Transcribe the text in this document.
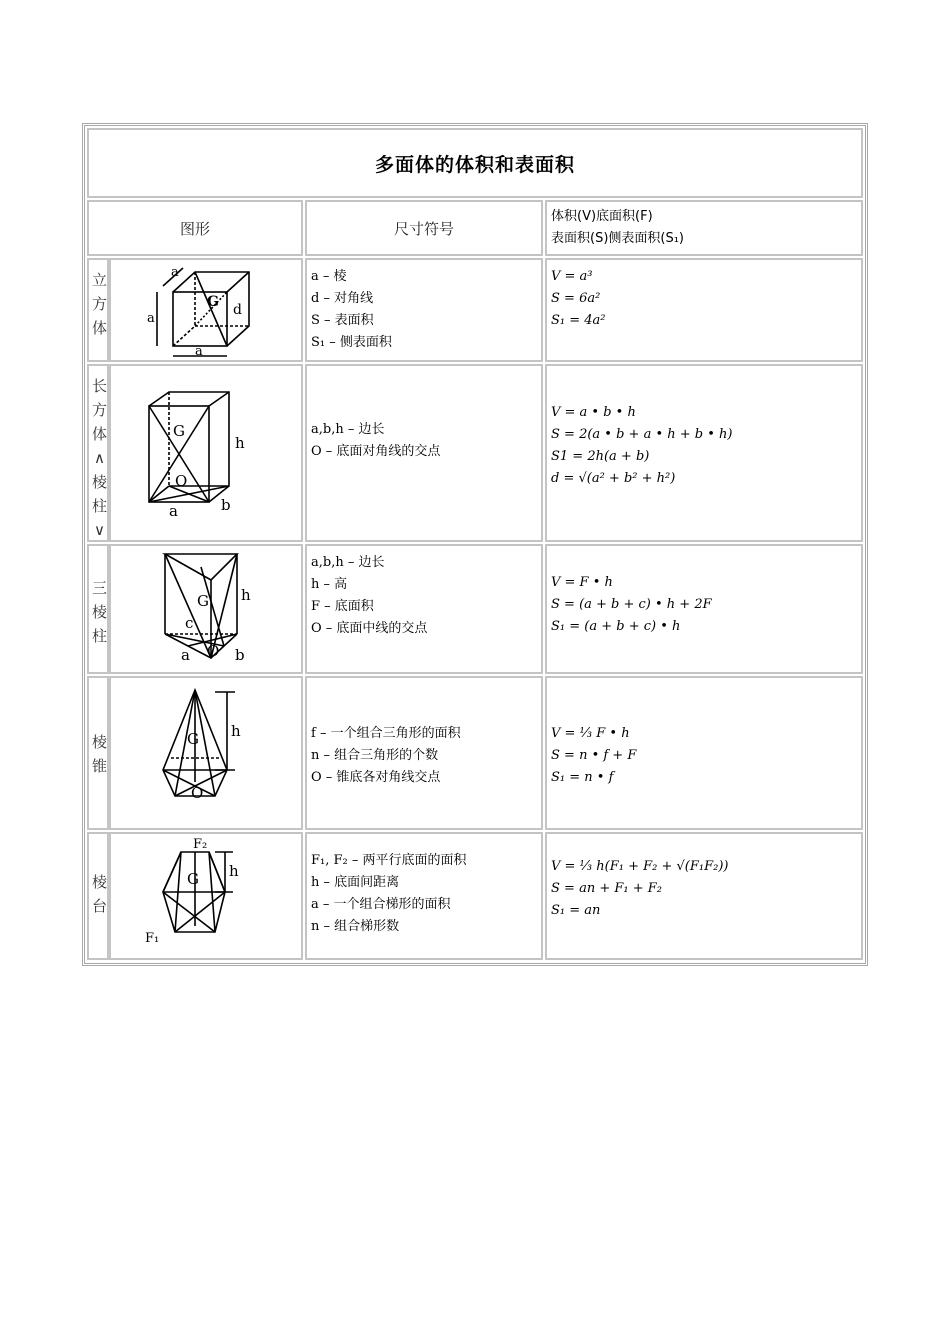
多面体的体积和表面积
图形	尺寸符号
体积(V)底面积(F)
表面积(S)侧表面积(S₁)
立方体
a
a
a
G d
a – 棱
d – 对角线
S – 表面积
S₁ – 侧表面积
V = a³
S = 6a²
S₁ = 4a²
长方体∧棱柱∨
G
h
O
a	b
a,b,h – 边长
O – 底面对角线的交点
V = a • b • h
S = 2(a • b + a • h + b • h)
S1 = 2h(a + b)
d = √(a² + b² + h²)
三棱柱
G h
c
a O b
a,b,h – 边长
h – 高
F – 底面积
O – 底面中线的交点
V = F • h
S = (a + b + c) • h + 2F
S₁ = (a + b + c) • h
棱锥
G h
O
f – 一个组合三角形的面积
n – 组合三角形的个数
O – 锥底各对角线交点
V = ⅓ F • h
S = n • f + F
S₁ = n • f
棱台
F₂
G h
F₁
F₁, F₂ – 两平行底面的面积
h – 底面间距离
a – 一个组合梯形的面积
n – 组合梯形数
V = ⅓ h(F₁ + F₂ + √(F₁F₂))
S = an + F₁ + F₂
S₁ = an
